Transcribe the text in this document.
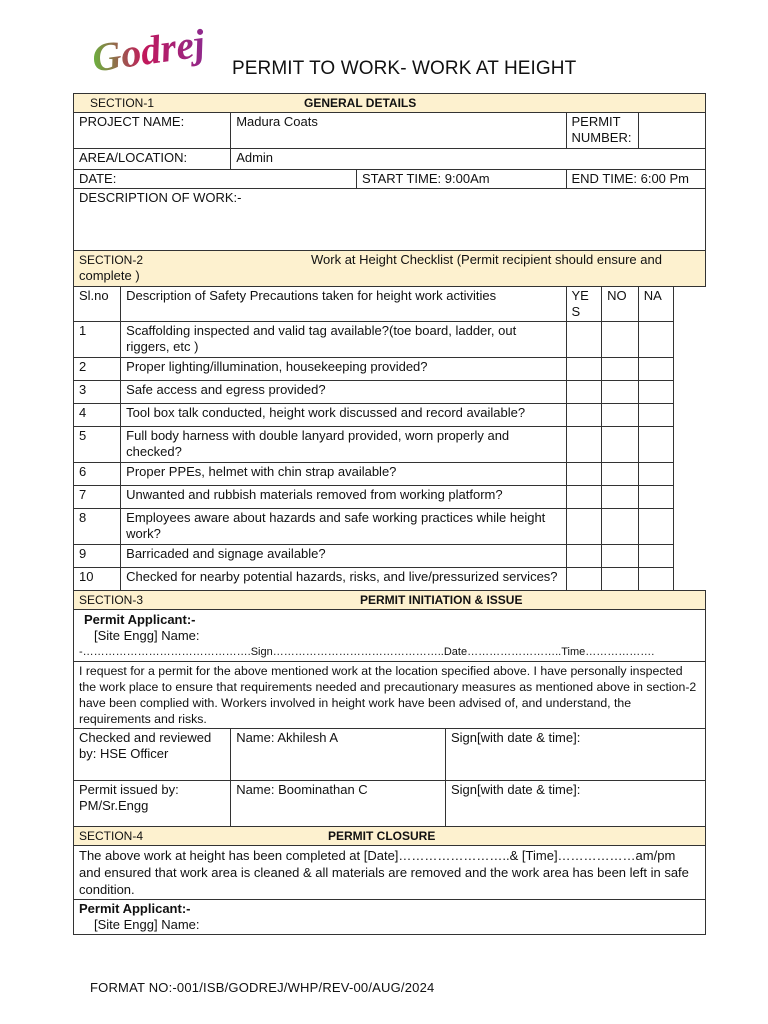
Godrej PERMIT TO WORK- WORK AT HEIGHT
SECTION-1 GENERAL DETAILS							

PROJECT NAME:		Madura Coats			PERMIT NUMBER:		
AREA/LOCATION:		Admin					
DATE:			START TIME: 9:00Am		END TIME: 6:00 Pm		
DESCRIPTION OF WORK:-							
SECTION-2 Work at Height Checklist (Permit recipient should ensure and complete )							
Sl.no	Description of Safety Precautions taken for height work activities				YES	NO	NA
1	Scaffolding inspected and valid tag available?(toe board, ladder, out riggers, etc )						
2	Proper lighting/illumination, housekeeping provided?						
3	Safe access and egress provided?						
4	Tool box talk conducted, height work discussed and record available?						
5	Full body harness with double lanyard provided, worn properly and checked?						
6	Proper PPEs, helmet with chin strap available?						
7	Unwanted and rubbish materials removed from working platform?						
8	Employees aware about hazards and safe working practices while height work?						
9	Barricaded and signage available?						
10	Checked for nearby potential hazards, risks, and live/pressurized services?						
SECTION-3 PERMIT INITIATION & ISSUE							

Permit Applicant:-
[Site Engg] Name:
-……………………………………….Sign………………………………………..Date……………………..Time……………….							

I request for a permit for the above mentioned work at the location specified above. I have personally inspected the work place to ensure that requirements needed and precautionary measures as mentioned above in section-2 have been complied with. Workers involved in height work have been advised of, and understand, the requirements and risks.							
Checked and reviewed by: HSE Officer		Name: Akhilesh A		Sign[with date & time]:			
Permit issued by: PM/Sr.Engg		Name: Boominathan C		Sign[with date & time]:			
SECTION-4 PERMIT CLOSURE							

The above work at height has been completed at [Date]……………………..& [Time]………………am/pm and ensured that work area is cleaned & all materials are removed and the work area has been left in safe condition.							

Permit Applicant:-
[Site Engg] Name:							
FORMAT NO:-001/ISB/GODREJ/WHP/REV-00/AUG/2024
